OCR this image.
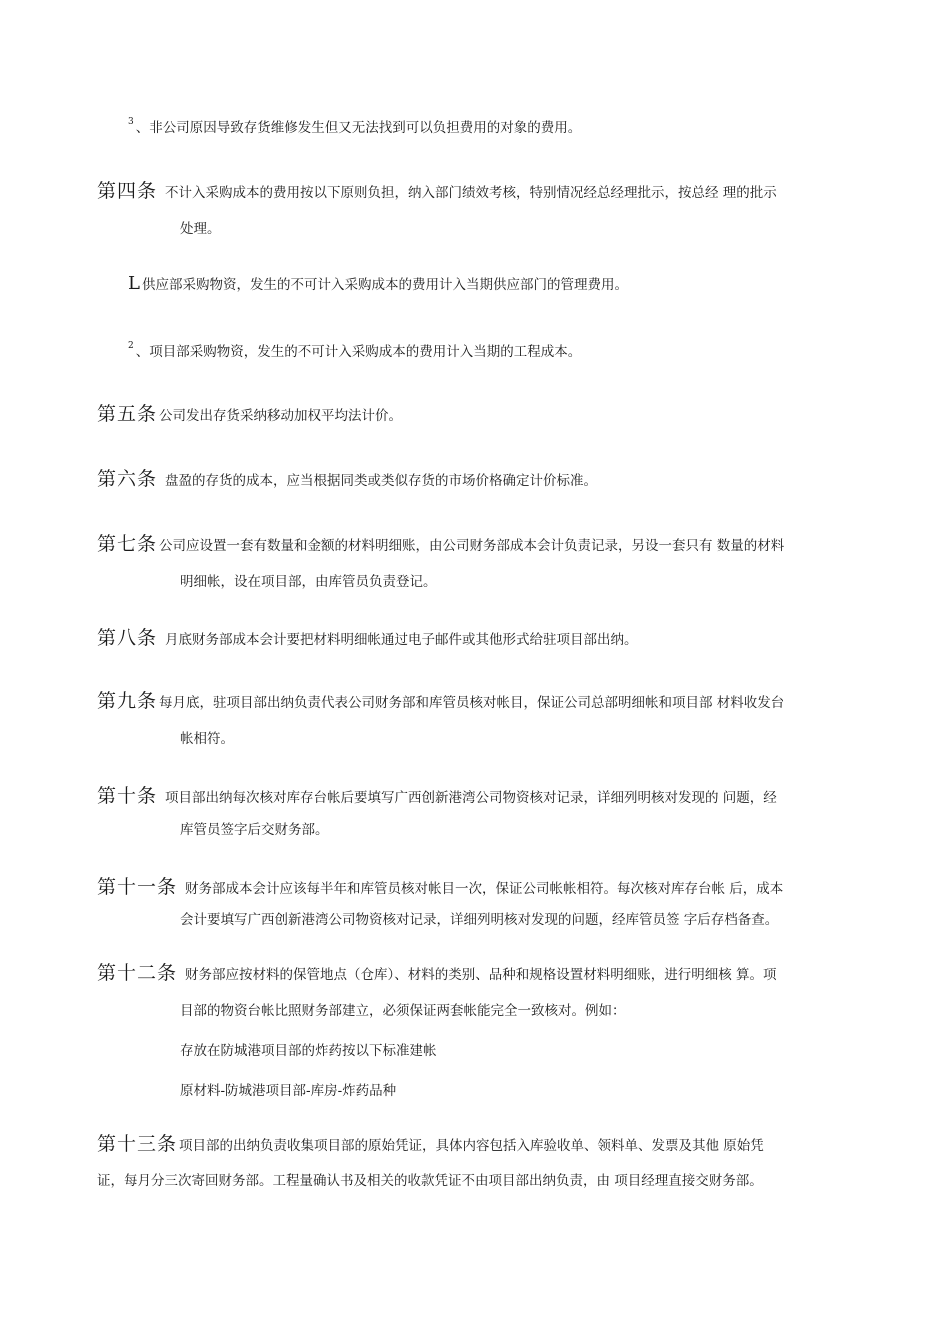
$^3$ 、非公司原因导致存货维修发生但又无法找到可以负担费用的对象的费用。
第四条 不计入采购成本的费用按以下原则负担，纳入部门绩效考核，特别情况经总经理批示，按总经 理的批示
处理。
L 供应部采购物资，发生的不可计入采购成本的费用计入当期供应部门的管理费用。
$^2$ 、项目部采购物资，发生的不可计入采购成本的费用计入当期的工程成本。
第五条 公司发出存货采纳移动加权平均法计价。
第六条 盘盈的存货的成本，应当根据同类或类似存货的市场价格确定计价标准。
第七条 公司应设置一套有数量和金额的材料明细账，由公司财务部成本会计负责记录，另设一套只有 数量的材料
明细帐，设在项目部，由库管员负责登记。
第八条 月底财务部成本会计要把材料明细帐通过电子邮件或其他形式给驻项目部出纳。
第九条 每月底，驻项目部出纳负责代表公司财务部和库管员核对帐目，保证公司总部明细帐和项目部 材料收发台
帐相符。
第十条 项目部出纳每次核对库存台帐后要填写广西创新港湾公司物资核对记录，详细列明核对发现的 问题，经
库管员签字后交财务部。
第十一条 财务部成本会计应该每半年和库管员核对帐目一次，保证公司帐帐相符。每次核对库存台帐 后，成本
会计要填写广西创新港湾公司物资核对记录，详细列明核对发现的问题，经库管员签 字后存档备查。
第十二条 财务部应按材料的保管地点（仓库）、材料的类别、品种和规格设置材料明细账，进行明细核 算。项
目部的物资台帐比照财务部建立，必须保证两套帐能完全一致核对。例如：
存放在防城港项目部的炸药按以下标准建帐
原材料-防城港项目部-库房-炸药品种
第十三条 项目部的出纳负责收集项目部的原始凭证，具体内容包括入库验收单、领料单、发票及其他 原始凭
证，每月分三次寄回财务部。工程量确认书及相关的收款凭证不由项目部出纳负责，由 项目经理直接交财务部。
